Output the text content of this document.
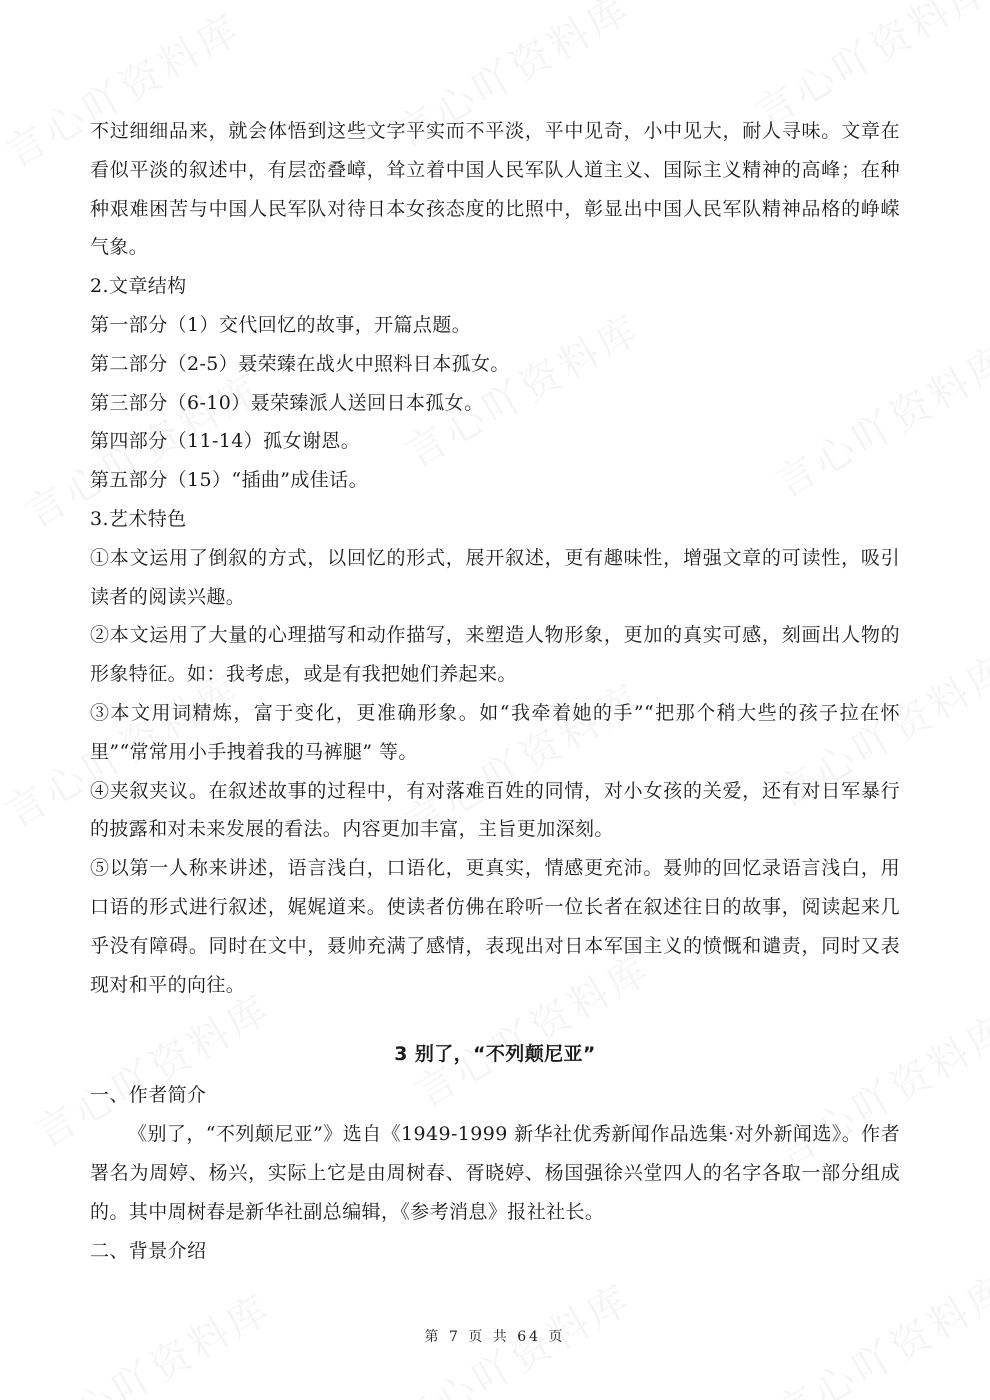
不过细细品来，就会体悟到这些文字平实而不平淡，平中见奇，小中见大，耐人寻味。文章在看似平淡的叙述中，有层峦叠嶂，耸立着中国人民军队人道主义、国际主义精神的高峰；在种种艰难困苦与中国人民军队对待日本女孩态度的比照中，彰显出中国人民军队精神品格的峥嵘气象。

2.文章结构

第一部分（1）交代回忆的故事，开篇点题。

第二部分（2-5）聂荣臻在战火中照料日本孤女。

第三部分（6-10）聂荣臻派人送回日本孤女。

第四部分（11-14）孤女谢恩。

第五部分（15）“插曲”成佳话。

3.艺术特色

①本文运用了倒叙的方式，以回忆的形式，展开叙述，更有趣味性，增强文章的可读性，吸引读者的阅读兴趣。

②本文运用了大量的心理描写和动作描写，来塑造人物形象，更加的真实可感，刻画出人物的形象特征。如：我考虑，或是有我把她们养起来。

③本文用词精炼，富于变化，更准确形象。如“我牵着她的手”“把那个稍大些的孩子拉在怀里”“常常用小手拽着我的马裤腿” 等。

④夹叙夹议。在叙述故事的过程中，有对落难百姓的同情，对小女孩的关爱，还有对日军暴行的披露和对未来发展的看法。内容更加丰富，主旨更加深刻。

⑤以第一人称来讲述，语言浅白，口语化，更真实，情感更充沛。聂帅的回忆录语言浅白，用口语的形式进行叙述，娓娓道来。使读者仿佛在聆听一位长者在叙述往日的故事，阅读起来几乎没有障碍。同时在文中，聂帅充满了感情，表现出对日本军国主义的愤慨和谴责，同时又表现对和平的向往。

3 别了，“不列颠尼亚”

一、作者简介

《别了，“不列颠尼亚”》选自《1949-1999 新华社优秀新闻作品选集·对外新闻选》。作者署名为周婷、杨兴，实际上它是由周树春、胥晓婷、杨国强徐兴堂四人的名字各取一部分组成的。其中周树春是新华社副总编辑，《参考消息》报社社长。

二、背景介绍

第 7 页 共 64 页
